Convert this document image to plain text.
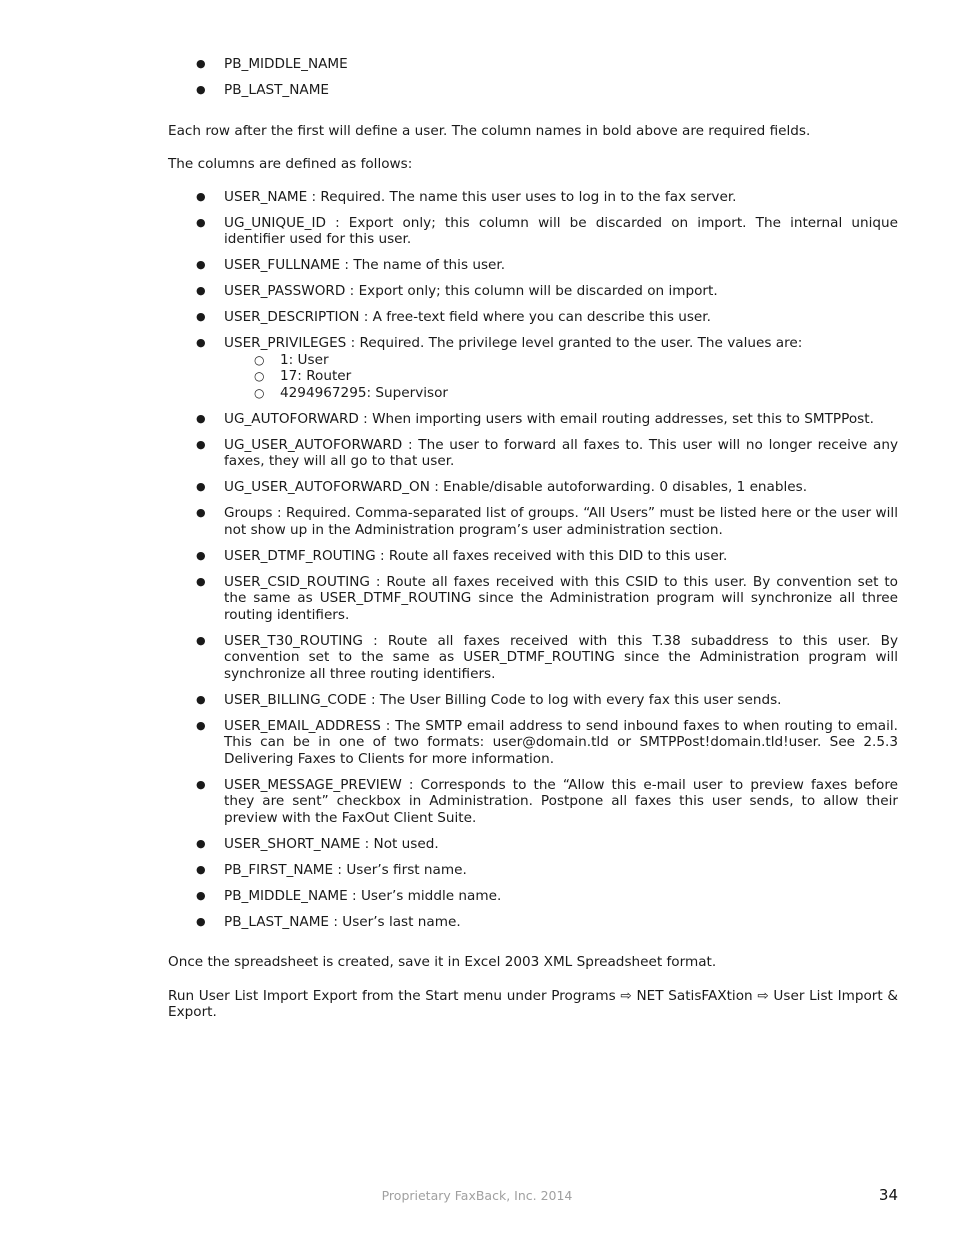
● PB_MIDDLE_NAME
● PB_LAST_NAME

Each row after the first will define a user. The column names in bold above are required fields.

The columns are defined as follows:

● USER_NAME : Required. The name this user uses to log in to the fax server.
● UG_UNIQUE_ID : Export only; this column will be discarded on import. The internal unique identifier used for this user.
● USER_FULLNAME : The name of this user.
● USER_PASSWORD : Export only; this column will be discarded on import.
● USER_DESCRIPTION : A free-text field where you can describe this user.
● USER_PRIVILEGES : Required. The privilege level granted to the user. The values are:
○ 1: User
○ 17: Router
○ 4294967295: Supervisor
● UG_AUTOFORWARD : When importing users with email routing addresses, set this to SMTPPost.
● UG_USER_AUTOFORWARD : The user to forward all faxes to. This user will no longer receive any faxes, they will all go to that user.
● UG_USER_AUTOFORWARD_ON : Enable/disable autoforwarding. 0 disables, 1 enables.
● Groups : Required. Comma-separated list of groups. “All Users” must be listed here or the user will not show up in the Administration program’s user administration section.
● USER_DTMF_ROUTING : Route all faxes received with this DID to this user.
● USER_CSID_ROUTING : Route all faxes received with this CSID to this user. By convention set to the same as USER_DTMF_ROUTING since the Administration program will synchronize all three routing identifiers.
● USER_T30_ROUTING : Route all faxes received with this T.38 subaddress to this user. By convention set to the same as USER_DTMF_ROUTING since the Administration program will synchronize all three routing identifiers.
● USER_BILLING_CODE : The User Billing Code to log with every fax this user sends.
● USER_EMAIL_ADDRESS : The SMTP email address to send inbound faxes to when routing to email. This can be in one of two formats: user@domain.tld or SMTPPost!domain.tld!user. See 2.5.3 Delivering Faxes to Clients for more information.
● USER_MESSAGE_PREVIEW : Corresponds to the “Allow this e-mail user to preview faxes before they are sent” checkbox in Administration. Postpone all faxes this user sends, to allow their preview with the FaxOut Client Suite.
● USER_SHORT_NAME : Not used.
● PB_FIRST_NAME : User’s first name.
● PB_MIDDLE_NAME : User’s middle name.
● PB_LAST_NAME : User’s last name.

Once the spreadsheet is created, save it in Excel 2003 XML Spreadsheet format.

Run User List Import Export from the Start menu under Programs ⇨ NET SatisFAXtion ⇨ User List Import & Export.

Proprietary FaxBack, Inc. 2014	34
